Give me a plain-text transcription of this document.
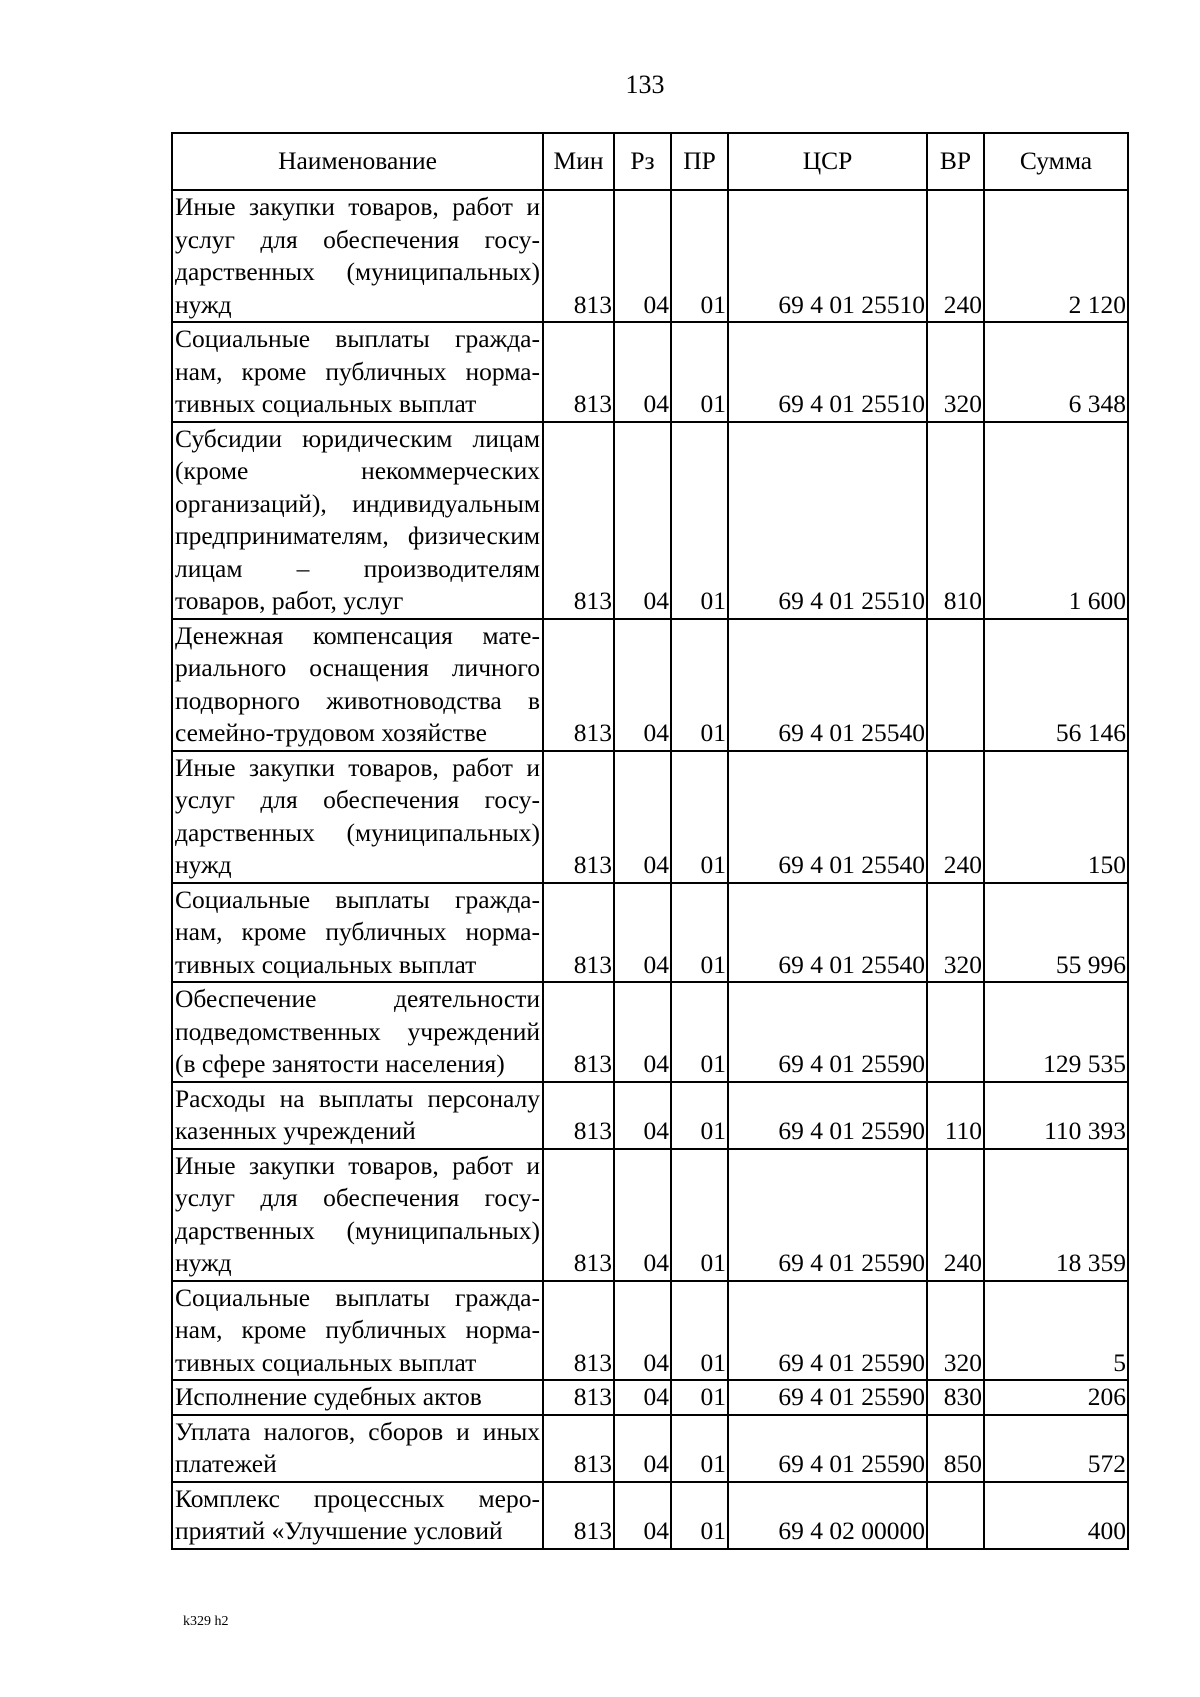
133
Наименование	Мин	Рз	ПР	ЦСР	ВР	Сумма
Иные закупки товаров, работ и услуг для обеспечения государственных (муниципальных) нужд	813	04	01	69 4 01 25510	240	2 120
Социальные выплаты гражданам, кроме публичных нормативных социальных выплат	813	04	01	69 4 01 25510	320	6 348
Субсидии юридическим лицам (кроме некоммерческих организаций), индивидуальным предпринимателям, физическим лицам – производителям товаров, работ, услуг	813	04	01	69 4 01 25510	810	1 600
Денежная компенсация материального оснащения личного подворного животноводства в семейно-трудовом хозяйстве	813	04	01	69 4 01 25540		56 146
Иные закупки товаров, работ и услуг для обеспечения государственных (муниципальных) нужд	813	04	01	69 4 01 25540	240	150
Социальные выплаты гражданам, кроме публичных нормативных социальных выплат	813	04	01	69 4 01 25540	320	55 996
Обеспечение деятельности подведомственных учреждений (в сфере занятости населения)	813	04	01	69 4 01 25590		129 535
Расходы на выплаты персоналу казенных учреждений	813	04	01	69 4 01 25590	110	110 393
Иные закупки товаров, работ и услуг для обеспечения государственных (муниципальных) нужд	813	04	01	69 4 01 25590	240	18 359
Социальные выплаты гражданам, кроме публичных нормативных социальных выплат	813	04	01	69 4 01 25590	320	5
Исполнение судебных актов	813	04	01	69 4 01 25590	830	206
Уплата налогов, сборов и иных платежей	813	04	01	69 4 01 25590	850	572
Комплекс процессных мероприятий «Улучшение условий	813	04	01	69 4 02 00000		400
k329 h2
